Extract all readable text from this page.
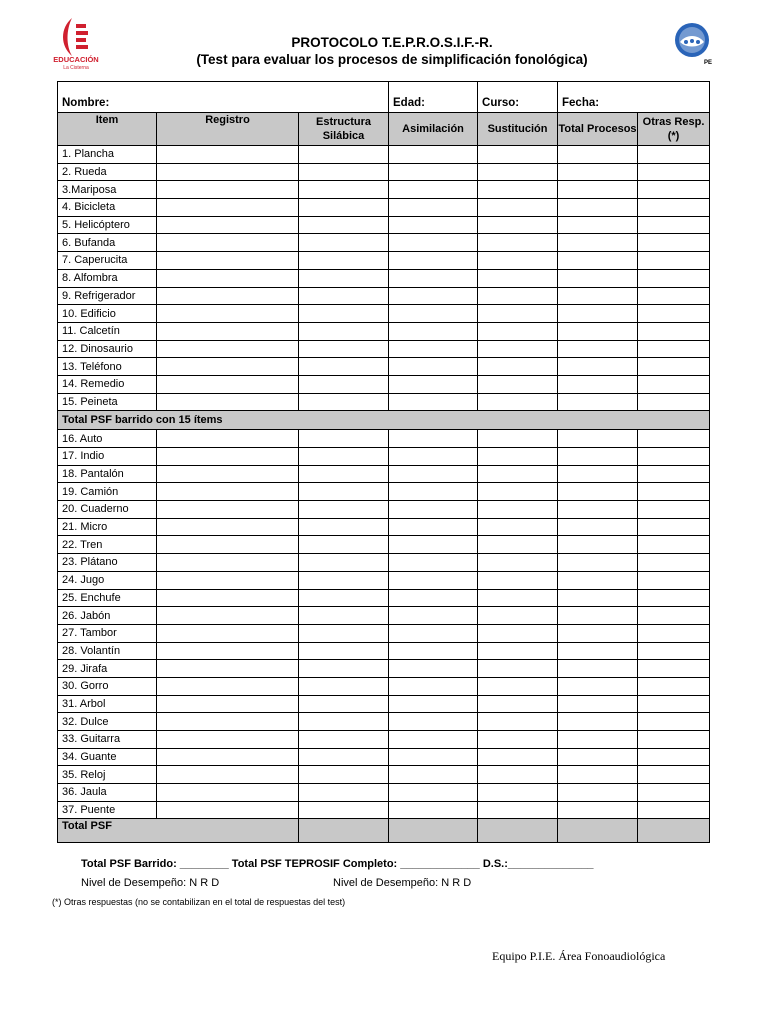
EDUCACIÓN
La Cisterna
PE
PROTOCOLO T.E.P.R.O.S.I.F.-R.
(Test para evaluar los procesos de simplificación fonológica)
Nombre:			Edad:	Curso:	Fecha:	
Item	Registro	Estructura Silábica	Asimilación	Sustitución	Total Procesos	Otras Resp. (*)
1. Plancha						
2. Rueda						
3.Mariposa						
4. Bicicleta						
5. Helicóptero						
6. Bufanda						
7. Caperucita						
8. Alfombra						
9. Refrigerador						
10. Edificio						
11. Calcetín						
12. Dinosaurio						
13. Teléfono						
14. Remedio						
15. Peineta						
Total PSF barrido con 15 ítems						
16. Auto						
17. Indio						
18. Pantalón						
19. Camión						
20. Cuaderno						
21. Micro						
22. Tren						
23. Plátano						
24. Jugo						
25. Enchufe						
26. Jabón						
27. Tambor						
28. Volantín						
29. Jirafa						
30. Gorro						
31. Arbol						
32. Dulce						
33. Guitarra						
34. Guante						
35. Reloj						
36. Jaula						
37. Puente						
Total PSF						
Total PSF Barrido: ________ Total PSF TEPROSIF Completo: _____________ D.S.:______________
Nivel de Desempeño: N R D	Nivel de Desempeño: N R D
(*) Otras respuestas (no se contabilizan en el total de respuestas del test)
Equipo P.I.E. Área Fonoaudiológica
